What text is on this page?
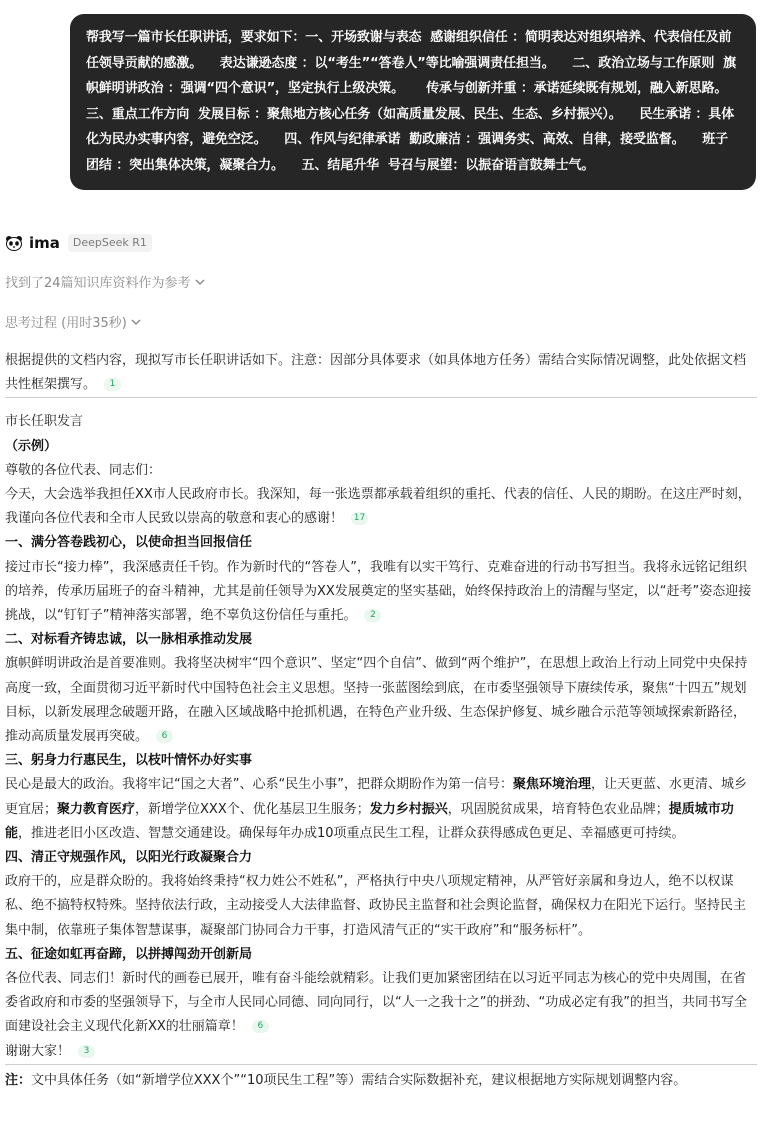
帮我写一篇市长任职讲话，要求如下：一、开场致谢与表态  感谢组织信任 ：简明表达对组织培养、代表信任及前任领导贡献的感激。    表达谦逊态度 ：以“考生”“答卷人”等比喻强调责任担当。    二、政治立场与工作原则  旗帜鲜明讲政治 ：强调“四个意识”，坚定执行上级决策。     传承与创新并重 ：承诺延续既有规划，融入新思路。    三、重点工作方向  发展目标 ：聚焦地方核心任务（如高质量发展、民生、生态、乡村振兴）。    民生承诺 ：具体化为民办实事内容，避免空泛。    四、作风与纪律承诺  勤政廉洁 ：强调务实、高效、自律，接受监督。    班子团结 ：突出集体决策，凝聚合力。    五、结尾升华  号召与展望：以振奋语言鼓舞士气。
ima	DeepSeek R1
找到了24篇知识库资料作为参考
思考过程 (用时35秒)

根据提供的文档内容，现拟写市长任职讲话如下。注意：因部分具体要求（如具体地方任务）需结合实际情况调整，此处依据文档共性框架撰写。 1

市长任职发言

（示例）

尊敬的各位代表、同志们：

今天，大会选举我担任XX市人民政府市长。我深知，每一张选票都承载着组织的重托、代表的信任、人民的期盼。在这庄严时刻，我谨向各位代表和全市人民致以崇高的敬意和衷心的感谢！ 17

一、满分答卷践初心，以使命担当回报信任

接过市长“接力棒”，我深感责任千钧。作为新时代的“答卷人”，我唯有以实干笃行、克难奋进的行动书写担当。我将永远铭记组织的培养，传承历届班子的奋斗精神，尤其是前任领导为XX发展奠定的坚实基础，始终保持政治上的清醒与坚定，以“赶考”姿态迎接挑战，以“钉钉子”精神落实部署，绝不辜负这份信任与重托。 2

二、对标看齐铸忠诚，以一脉相承推动发展

旗帜鲜明讲政治是首要准则。我将坚决树牢“四个意识”、坚定“四个自信”、做到“两个维护”，在思想上政治上行动上同党中央保持高度一致，全面贯彻习近平新时代中国特色社会主义思想。坚持一张蓝图绘到底，在市委坚强领导下赓续传承，聚焦“十四五”规划目标，以新发展理念破题开路，在融入区域战略中抢抓机遇，在特色产业升级、生态保护修复、城乡融合示范等领域探索新路径，推动高质量发展再突破。 6

三、躬身力行惠民生，以枝叶情怀办好实事

民心是最大的政治。我将牢记“国之大者”、心系“民生小事”，把群众期盼作为第一信号：聚焦环境治理，让天更蓝、水更清、城乡更宜居；聚力教育医疗，新增学位XXX个、优化基层卫生服务；发力乡村振兴，巩固脱贫成果，培育特色农业品牌；提质城市功能，推进老旧小区改造、智慧交通建设。确保每年办成10项重点民生工程，让群众获得感成色更足、幸福感更可持续。

四、清正守规强作风，以阳光行政凝聚合力

政府干的，应是群众盼的。我将始终秉持“权力姓公不姓私”，严格执行中央八项规定精神，从严管好亲属和身边人，绝不以权谋私、绝不搞特权特殊。坚持依法行政，主动接受人大法律监督、政协民主监督和社会舆论监督，确保权力在阳光下运行。坚持民主集中制，依靠班子集体智慧谋事，凝聚部门协同合力干事，打造风清气正的“实干政府”和“服务标杆”。

五、征途如虹再奋蹄，以拼搏闯劲开创新局

各位代表、同志们！新时代的画卷已展开，唯有奋斗能绘就精彩。让我们更加紧密团结在以习近平同志为核心的党中央周围，在省委省政府和市委的坚强领导下，与全市人民同心同德、同向同行，以“人一之我十之”的拼劲、“功成必定有我”的担当，共同书写全面建设社会主义现代化新XX的壮丽篇章！ 6

谢谢大家！ 3

注：文中具体任务（如“新增学位XXX个”“10项民生工程”等）需结合实际数据补充，建议根据地方实际规划调整内容。
